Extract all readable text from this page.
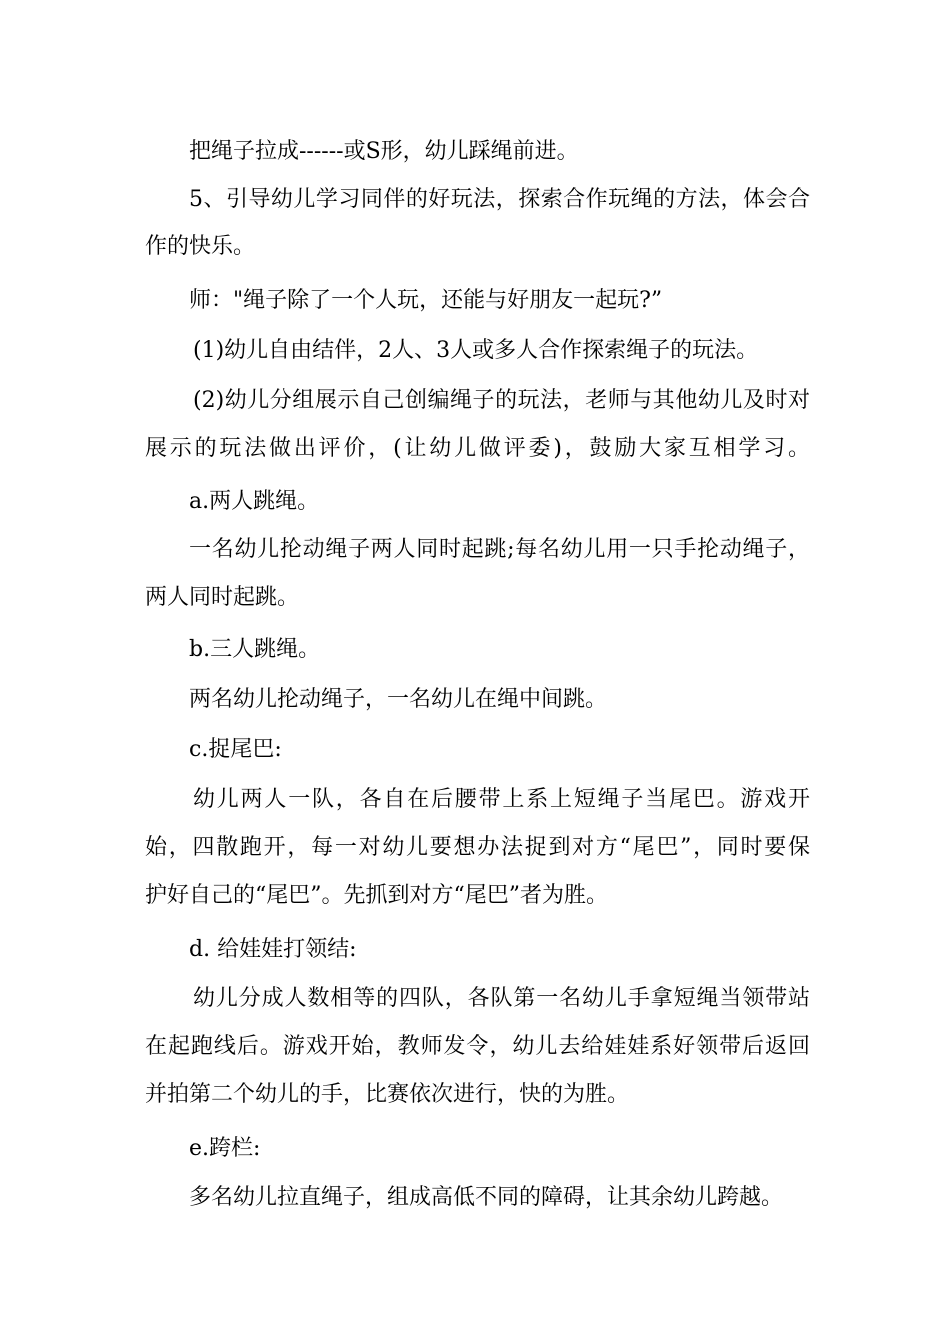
把绳子拉成------或S形，幼儿踩绳前进。
5、引导幼儿学习同伴的好玩法，探索合作玩绳的方法，体会合
作的快乐。
师："绳子除了一个人玩，还能与好朋友一起玩?”
(1)幼儿自由结伴，2人、3人或多人合作探索绳子的玩法。
(2)幼儿分组展示自己创编绳子的玩法，老师与其他幼儿及时对
展示的玩法做出评价，(让幼儿做评委)，鼓励大家互相学习。
a.两人跳绳。
一名幼儿抡动绳子两人同时起跳;每名幼儿用一只手抡动绳子，
两人同时起跳。
b.三人跳绳。
两名幼儿抡动绳子，一名幼儿在绳中间跳。
c.捉尾巴:
幼儿两人一队，各自在后腰带上系上短绳子当尾巴。游戏开
始，四散跑开，每一对幼儿要想办法捉到对方“尾巴”，同时要保
护好自己的“尾巴”。先抓到对方“尾巴”者为胜。
d. 给娃娃打领结:
幼儿分成人数相等的四队，各队第一名幼儿手拿短绳当领带站
在起跑线后。游戏开始，教师发令，幼儿去给娃娃系好领带后返回
并拍第二个幼儿的手，比赛依次进行，快的为胜。
e.跨栏:
多名幼儿拉直绳子，组成高低不同的障碍，让其余幼儿跨越。
